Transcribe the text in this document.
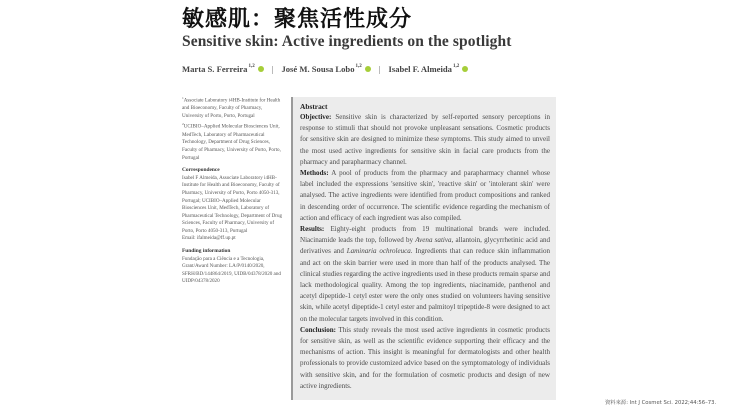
敏感肌：聚焦活性成分
Sensitive skin: Active ingredients on the spotlight
Marta S. Ferreira$^{1,2}$ | José M. Sousa Lobo$^{1,2}$ | Isabel F. Almeida$^{1,2}$
$^1$Associate Laboratory i4HB-Institute for Health and Bioeconomy, Faculty of Pharmacy, University of Porto, Porto, Portugal
$^2$UCIBIO–Applied Molecular Biosciences Unit, MedTech, Laboratory of Pharmaceutical Technology, Department of Drug Sciences, Faculty of Pharmacy, University of Porto, Porto, Portugal
Correspondence
Isabel F Almeida, Associate Laboratory i4HB-Institute for Health and Bioeconomy, Faculty of Pharmacy, University of Porto, Porto 4050-313, Portugal; UCIBIO–Applied Molecular Biosciences Unit, MedTech, Laboratory of Pharmaceutical Technology, Department of Drug Sciences, Faculty of Pharmacy, University of Porto, Porto 4050-313, Portugal
Email: ifalmeida@ff.up.pt
Funding information
Fundação para a Ciência e a Tecnologia, Grant/Award Number: LA/P/0140/2020, SFRH/BD/144864/2019, UIDB/04378/2020 and UIDP/04378/2020
Abstract

Objective: Sensitive skin is characterized by self-reported sensory perceptions in response to stimuli that should not provoke unpleasant sensations. Cosmetic products for sensitive skin are designed to minimize these symptoms. This study aimed to unveil the most used active ingredients for sensitive skin in facial care products from the pharmacy and parapharmacy channel.

Methods: A pool of products from the pharmacy and parapharmacy channel whose label included the expressions 'sensitive skin', 'reactive skin' or 'intolerant skin' were analysed. The active ingredients were identified from product compositions and ranked in descending order of occurrence. The scientific evidence regarding the mechanism of action and efficacy of each ingredient was also compiled.

Results: Eighty-eight products from 19 multinational brands were included. Niacinamide leads the top, followed by Avena sativa, allantoin, glycyrrhetinic acid and derivatives and Laminaria ochroleuca. Ingredients that can reduce skin inflammation and act on the skin barrier were used in more than half of the products analysed. The clinical studies regarding the active ingredients used in these products remain sparse and lack methodological quality. Among the top ingredients, niacinamide, panthenol and acetyl dipeptide-1 cetyl ester were the only ones studied on volunteers having sensitive skin, while acetyl dipeptide-1 cetyl ester and palmitoyl tripeptide-8 were designed to act on the molecular targets involved in this condition.

Conclusion: This study reveals the most used active ingredients in cosmetic products for sensitive skin, as well as the scientific evidence supporting their efficacy and the mechanisms of action. This insight is meaningful for dermatologists and other health professionals to provide customized advice based on the symptomatology of individuals with sensitive skin, and for the formulation of cosmetic products and design of new active ingredients.

資料來源: Int J Cosmet Sci. 2022;44:56–73.
